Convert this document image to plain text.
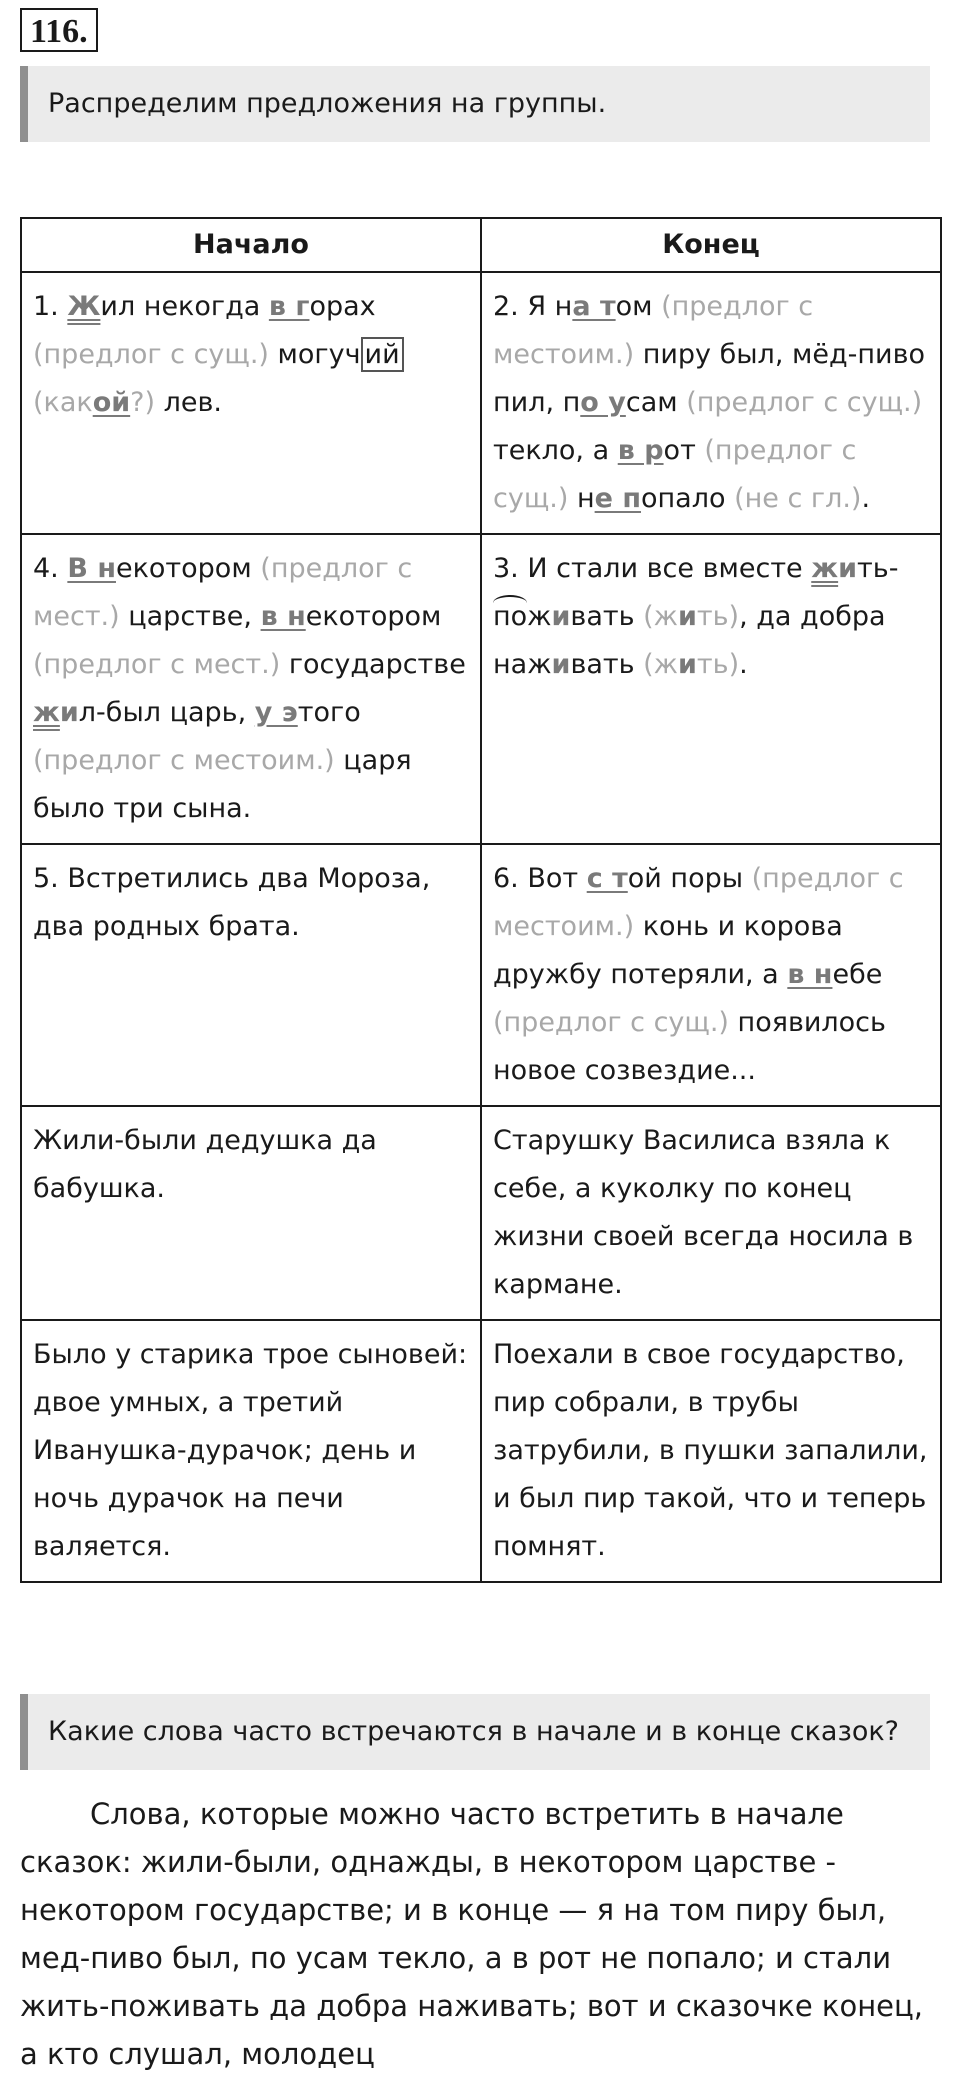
116.
Распределим предложения на группы.
Начало	Конец
1. Жил некогда в горах (предлог с сущ.) могуч ий (какой?) лев.	2. Я на том (предлог с местоим.) пиру был, мёд-пиво пил, по усам (предлог с сущ.) текло, а в рот (предлог с сущ.) не попало (не с гл.).
4. В некотором (предлог с мест.) царстве, в некотором (предлог с мест.) государстве жил-был царь, у этого (предлог с местоим.) царя было три сына.	3. И стали все вместе жить-поживать (жить), да добра наживать (жить).
5. Встретились два Мороза, два родных брата.	6. Вот с той поры (предлог с местоим.) конь и корова дружбу потеряли, а в небе (предлог с сущ.) появилось новое созвездие...
Жили-были дедушка да бабушка.	Старушку Василиса взяла к себе, а куколку по конец жизни своей всегда носила в кармане.
Было у старика трое сыновей: двое умных, а третий Иванушка-дурачок; день и ночь дурачок на печи валяется.	Поехали в свое государство, пир собрали, в трубы затрубили, в пушки запалили, и был пир такой, что и теперь помнят.
Какие слова часто встречаются в начале и в конце сказок?

Слова, которые можно часто встретить в начале сказок: жили-были, однажды, в некотором царстве - некотором государстве; и в конце — я на том пиру был, мед-пиво был, по усам текло, а в рот не попало; и стали жить-поживать да добра наживать; вот и сказочке конец, а кто слушал, молодец
